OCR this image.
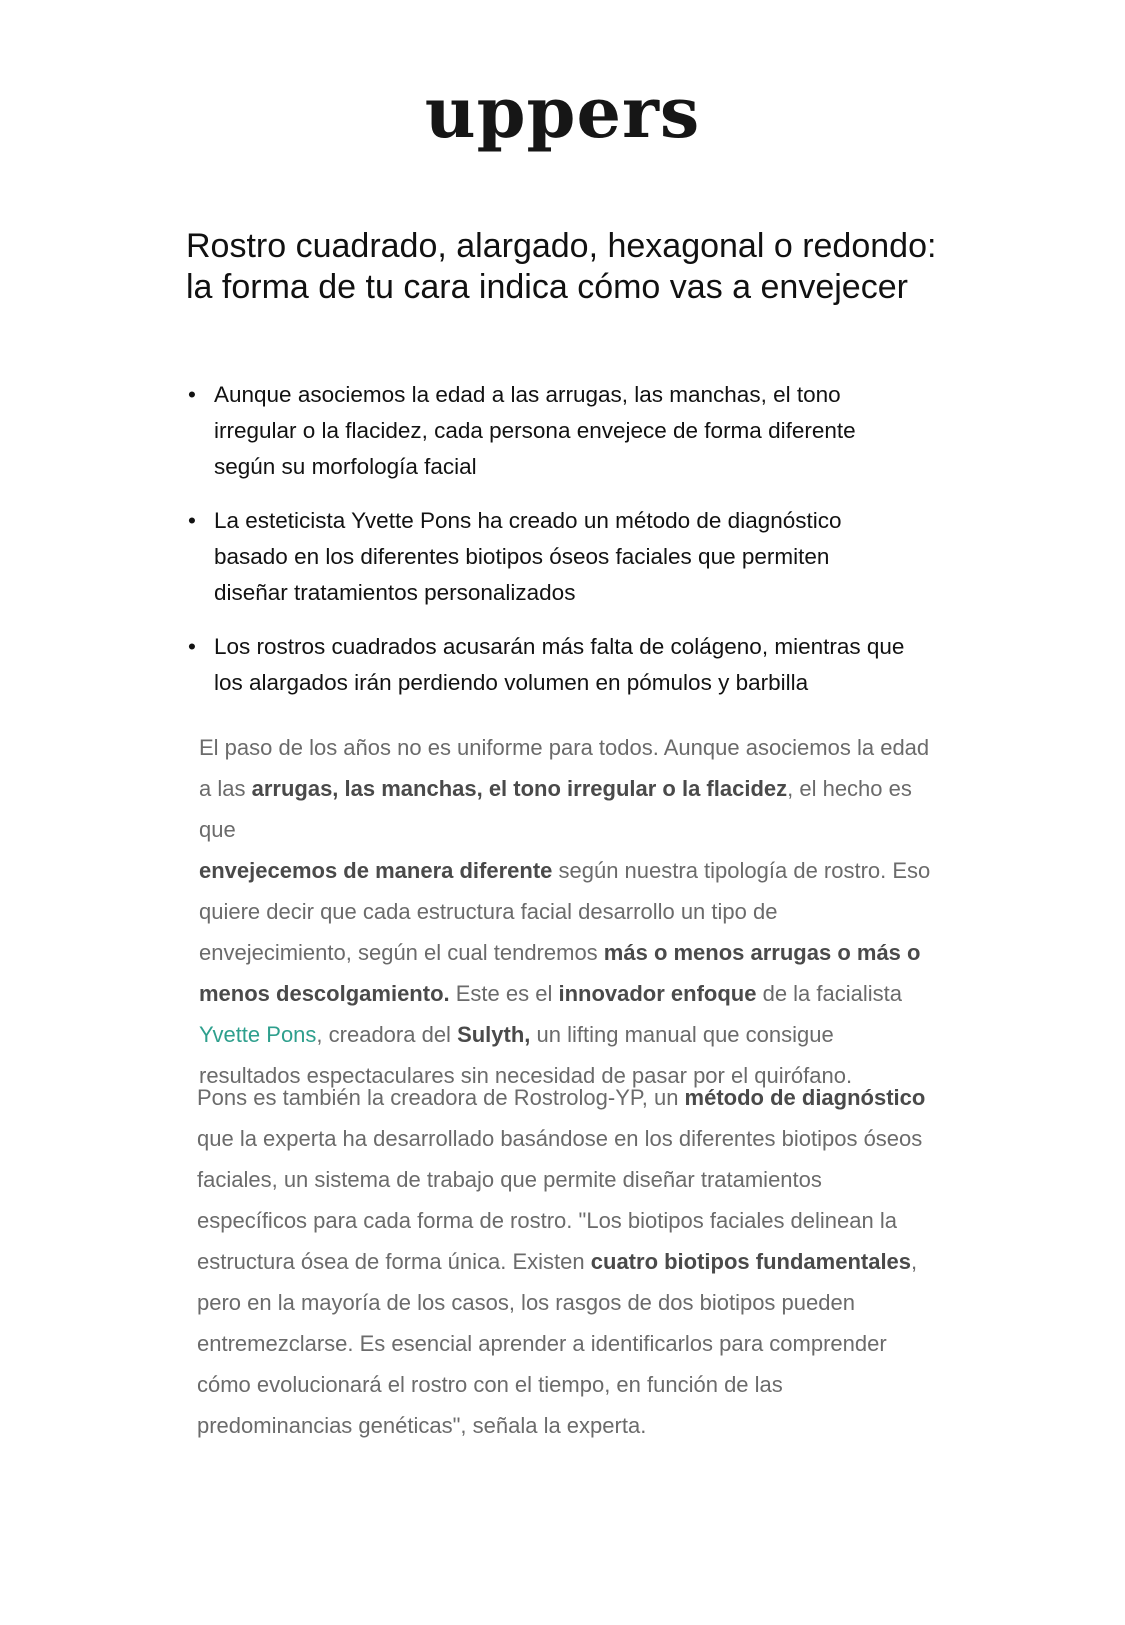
uppers
Rostro cuadrado, alargado, hexagonal o redondo:
la forma de tu cara indica cómo vas a envejecer
• Aunque asociemos la edad a las arrugas, las manchas, el tono
irregular o la flacidez, cada persona envejece de forma diferente
según su morfología facial
• La esteticista Yvette Pons ha creado un método de diagnóstico
basado en los diferentes biotipos óseos faciales que permiten
diseñar tratamientos personalizados
• Los rostros cuadrados acusarán más falta de colágeno, mientras que
los alargados irán perdiendo volumen en pómulos y barbilla

El paso de los años no es uniforme para todos. Aunque asociemos la edad
a las arrugas, las manchas, el tono irregular o la flacidez, el hecho es que
envejecemos de manera diferente según nuestra tipología de rostro. Eso
quiere decir que cada estructura facial desarrollo un tipo de
envejecimiento, según el cual tendremos más o menos arrugas o más o
menos descolgamiento. Este es el innovador enfoque de la facialista
Yvette Pons, creadora del Sulyth, un lifting manual que consigue
resultados espectaculares sin necesidad de pasar por el quirófano.

Pons es también la creadora de Rostrolog-YP, un método de diagnóstico
que la experta ha desarrollado basándose en los diferentes biotipos óseos
faciales, un sistema de trabajo que permite diseñar tratamientos
específicos para cada forma de rostro. "Los biotipos faciales delinean la
estructura ósea de forma única. Existen cuatro biotipos fundamentales,
pero en la mayoría de los casos, los rasgos de dos biotipos pueden
entremezclarse. Es esencial aprender a identificarlos para comprender
cómo evolucionará el rostro con el tiempo, en función de las
predominancias genéticas", señala la experta.
